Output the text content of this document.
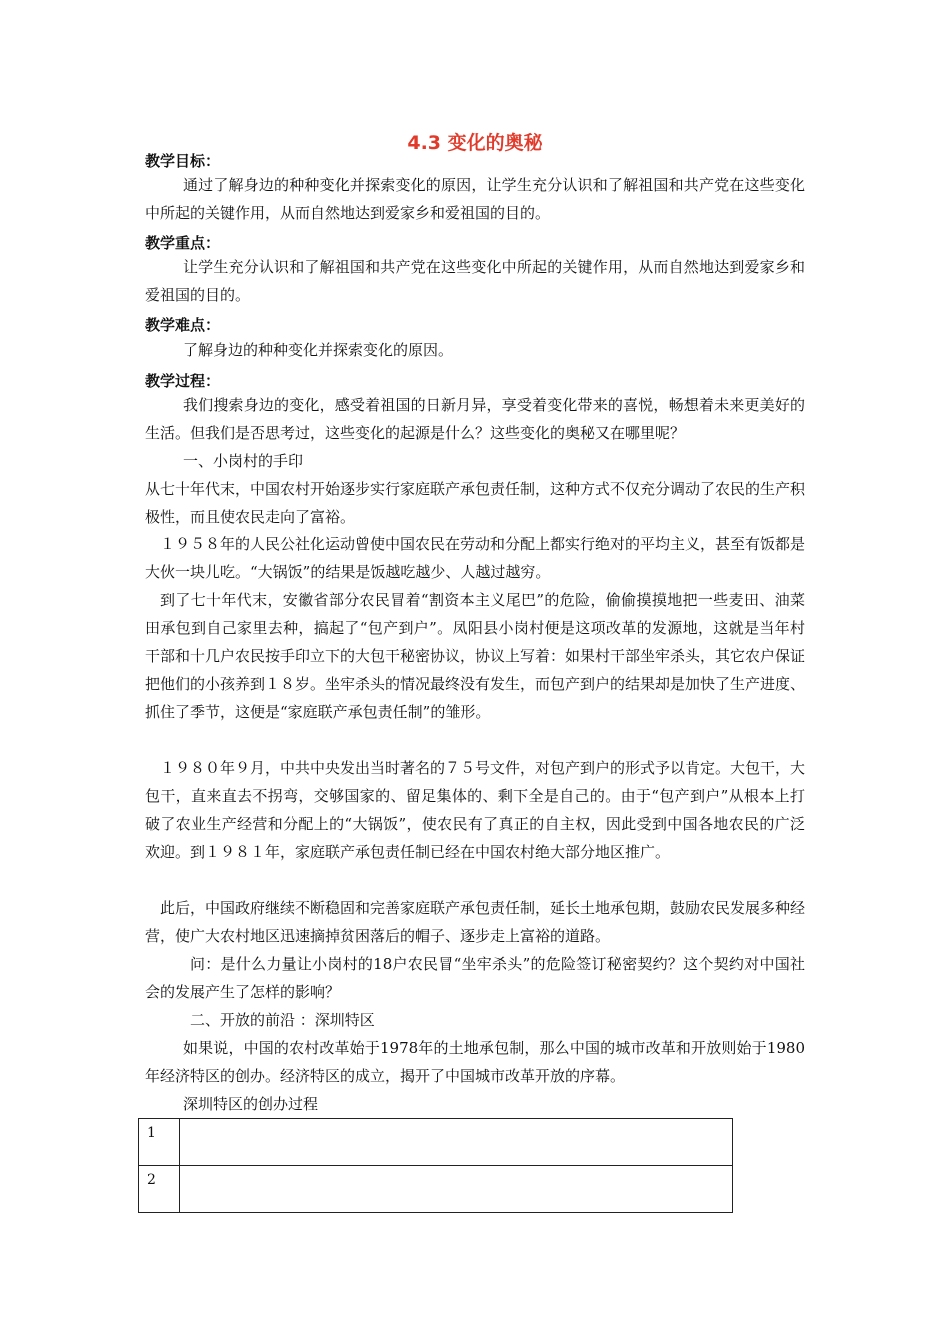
4.3 变化的奥秘
教学目标：

通过了解身边的种种变化并探索变化的原因，让学生充分认识和了解祖国和共产党在这些变化中所起的关键作用，从而自然地达到爱家乡和爱祖国的目的。

教学重点：

让学生充分认识和了解祖国和共产党在这些变化中所起的关键作用，从而自然地达到爱家乡和爱祖国的目的。

教学难点：

了解身边的种种变化并探索变化的原因。

教学过程：

我们搜索身边的变化，感受着祖国的日新月异，享受着变化带来的喜悦，畅想着未来更美好的生活。但我们是否思考过，这些变化的起源是什么？这些变化的奥秘又在哪里呢？

一、小岗村的手印

从七十年代末，中国农村开始逐步实行家庭联产承包责任制，这种方式不仅充分调动了农民的生产积极性，而且使农民走向了富裕。

１９５８年的人民公社化运动曾使中国农民在劳动和分配上都实行绝对的平均主义，甚至有饭都是大伙一块儿吃。“大锅饭”的结果是饭越吃越少、人越过越穷。

到了七十年代末，安徽省部分农民冒着“割资本主义尾巴”的危险，偷偷摸摸地把一些麦田、油菜田承包到自己家里去种，搞起了“包产到户”。凤阳县小岗村便是这项改革的发源地，这就是当年村干部和十几户农民按手印立下的大包干秘密协议，协议上写着：如果村干部坐牢杀头，其它农户保证把他们的小孩养到１８岁。坐牢杀头的情况最终没有发生，而包产到户的结果却是加快了生产进度、抓住了季节，这便是“家庭联产承包责任制”的雏形。

１９８０年９月，中共中央发出当时著名的７５号文件，对包产到户的形式予以肯定。大包干，大包干，直来直去不拐弯，交够国家的、留足集体的、剩下全是自己的。由于“包产到户”从根本上打破了农业生产经营和分配上的“大锅饭”，使农民有了真正的自主权，因此受到中国各地农民的广泛欢迎。到１９８１年，家庭联产承包责任制已经在中国农村绝大部分地区推广。

此后，中国政府继续不断稳固和完善家庭联产承包责任制，延长土地承包期，鼓励农民发展多种经营，使广大农村地区迅速摘掉贫困落后的帽子、逐步走上富裕的道路。

问：是什么力量让小岗村的18户农民冒“坐牢杀头”的危险签订秘密契约？这个契约对中国社会的发展产生了怎样的影响？

二、开放的前沿 ：深圳特区

如果说，中国的农村改革始于1978年的土地承包制，那么中国的城市改革和开放则始于1980年经济特区的创办。经济特区的成立，揭开了中国城市改革开放的序幕。

深圳特区的创办过程

1	
2	
